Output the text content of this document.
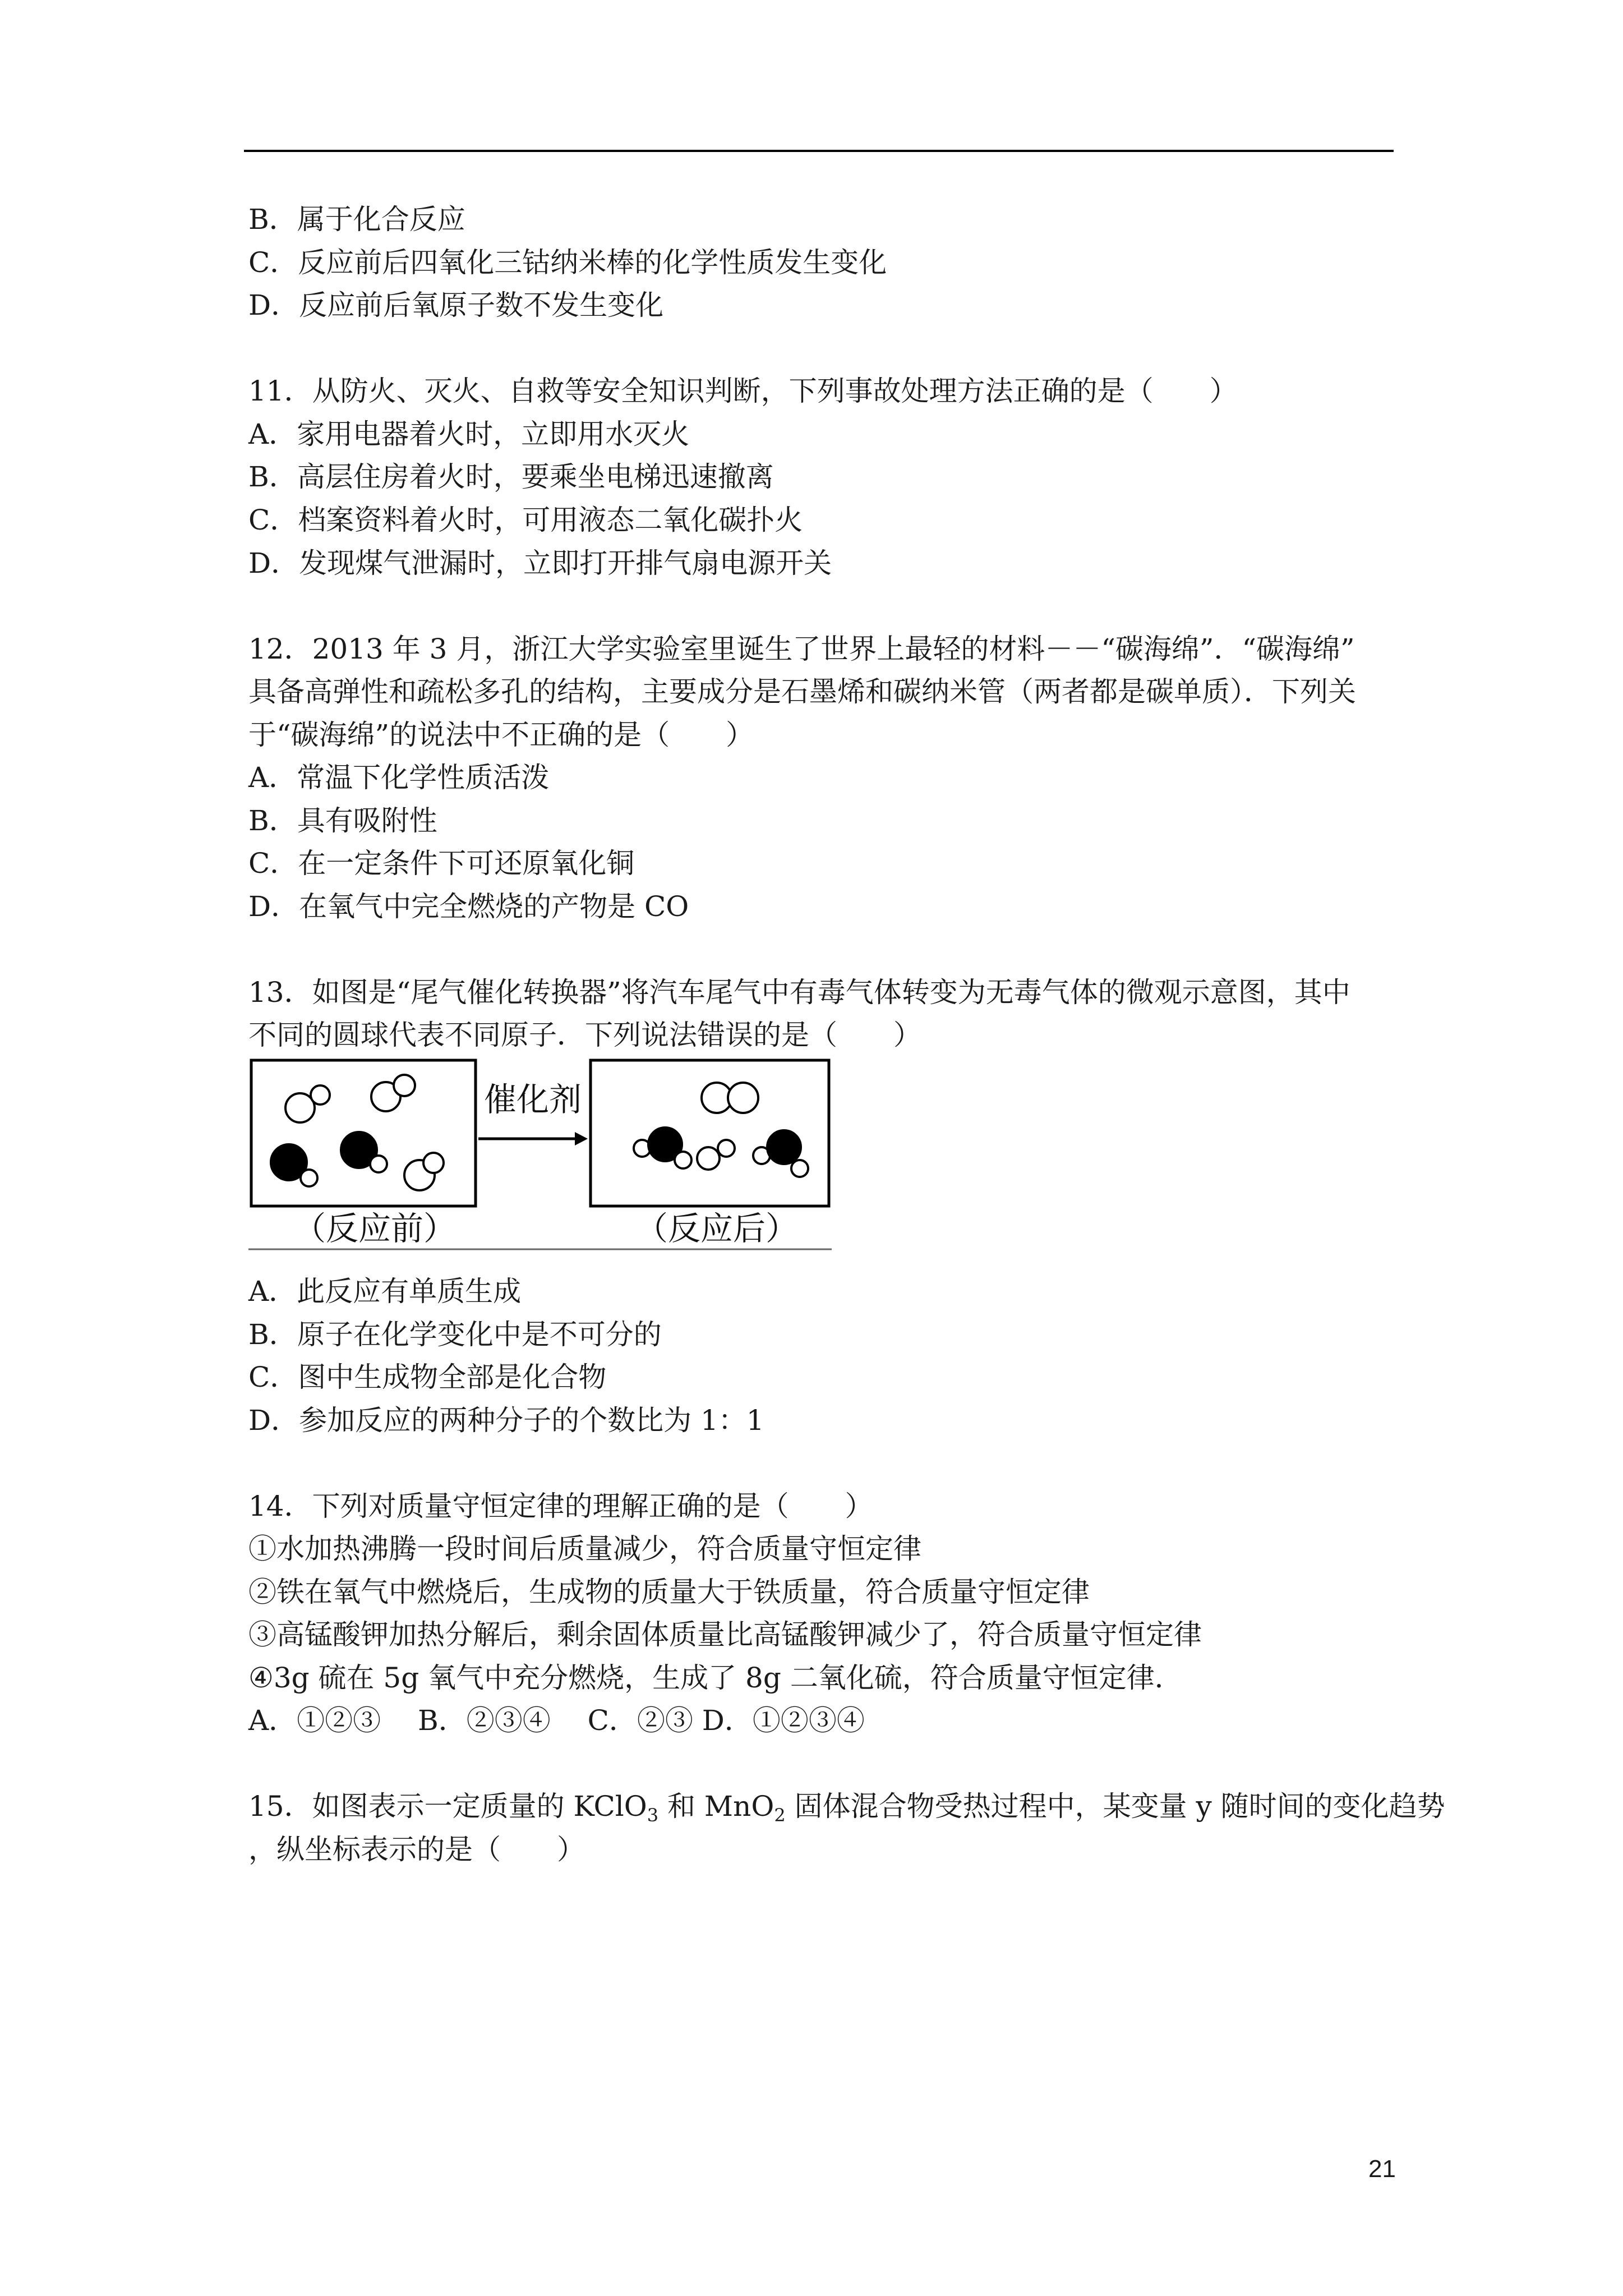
B．属于化合反应
C．反应前后四氧化三钴纳米棒的化学性质发生变化
D．反应前后氧原子数不发生变化
11．从防火、灭火、自救等安全知识判断，下列事故处理方法正确的是（　　）
A．家用电器着火时，立即用水灭火
B．高层住房着火时，要乘坐电梯迅速撤离
C．档案资料着火时，可用液态二氧化碳扑火
D．发现煤气泄漏时，立即打开排气扇电源开关
12．2013 年 3 月，浙江大学实验室里诞生了世界上最轻的材料－－“碳海绵”．“碳海绵”
具备高弹性和疏松多孔的结构，主要成分是石墨烯和碳纳米管（两者都是碳单质）．下列关
于“碳海绵”的说法中不正确的是（　　）
A．常温下化学性质活泼
B．具有吸附性
C．在一定条件下可还原氧化铜
D．在氧气中完全燃烧的产物是 CO
13．如图是“尾气催化转换器”将汽车尾气中有毒气体转变为无毒气体的微观示意图，其中
不同的圆球代表不同原子．下列说法错误的是（　　）
催化剂
（反应前）	（反应后）
A．此反应有单质生成
B．原子在化学变化中是不可分的
C．图中生成物全部是化合物
D．参加反应的两种分子的个数比为 1：1
14．下列对质量守恒定律的理解正确的是（　　）
①水加热沸腾一段时间后质量减少，符合质量守恒定律
②铁在氧气中燃烧后，生成物的质量大于铁质量，符合质量守恒定律
③高锰酸钾加热分解后，剩余固体质量比高锰酸钾减少了，符合质量守恒定律
④3g 硫在 5g 氧气中充分燃烧，生成了 8g 二氧化硫，符合质量守恒定律．
A．①②③　 B．②③④　 C．②③ D．①②③④
15．如图表示一定质量的 KClO$_3$ 和 MnO$_2$ 固体混合物受热过程中，某变量 y 随时间的变化趋势
，纵坐标表示的是（　　）
21
